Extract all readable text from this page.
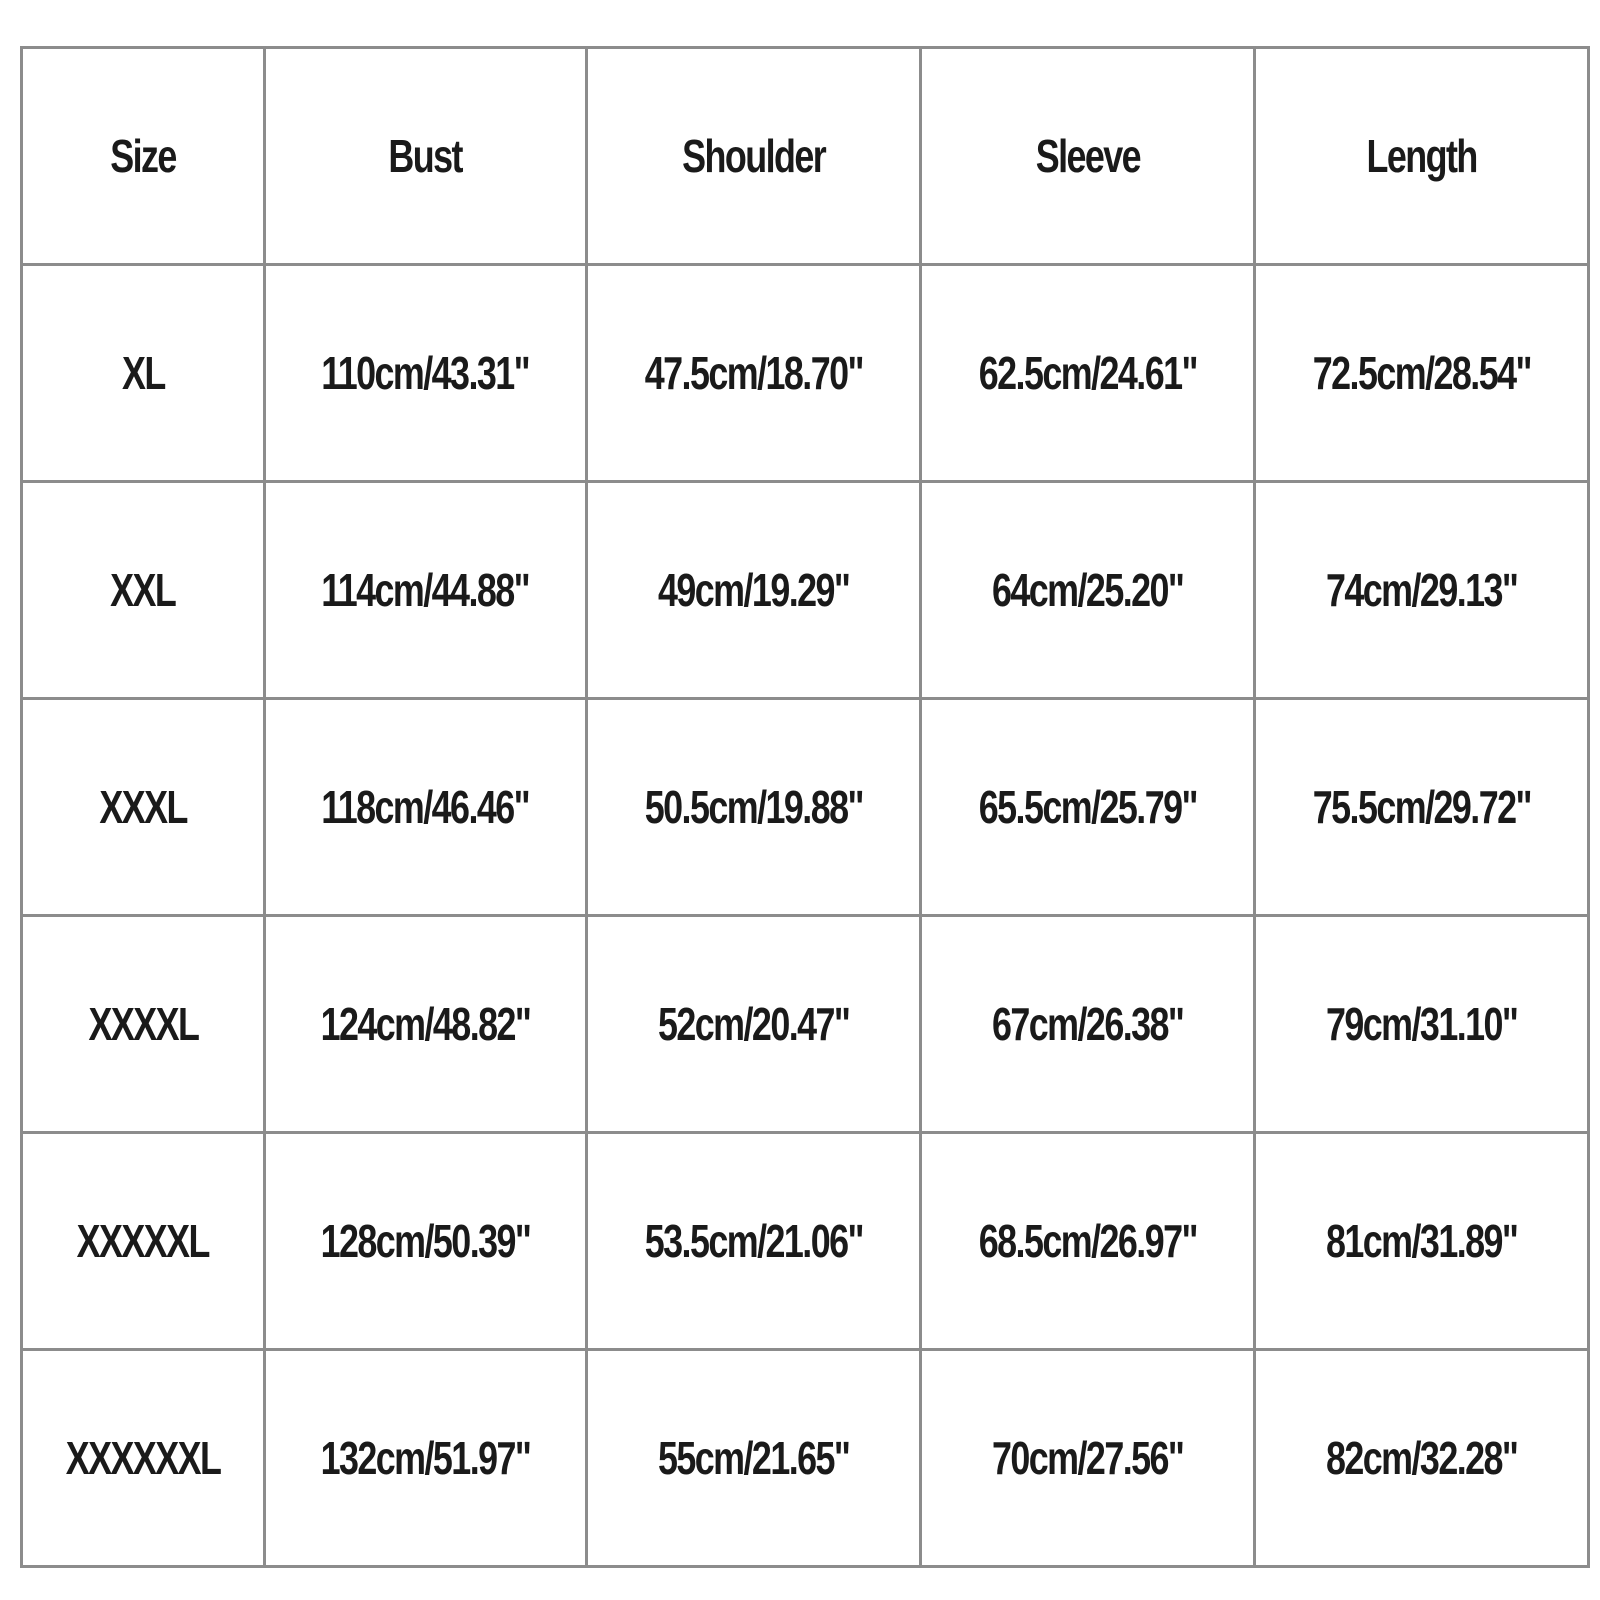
Size	Bust	Shoulder	Sleeve	Length
XL	110cm/43.31"	47.5cm/18.70"	62.5cm/24.61"	72.5cm/28.54"
XXL	114cm/44.88"	49cm/19.29"	64cm/25.20"	74cm/29.13"
XXXL	118cm/46.46"	50.5cm/19.88"	65.5cm/25.79"	75.5cm/29.72"
XXXXL	124cm/48.82"	52cm/20.47"	67cm/26.38"	79cm/31.10"
XXXXXL	128cm/50.39"	53.5cm/21.06"	68.5cm/26.97"	81cm/31.89"
XXXXXXL	132cm/51.97"	55cm/21.65"	70cm/27.56"	82cm/32.28"
